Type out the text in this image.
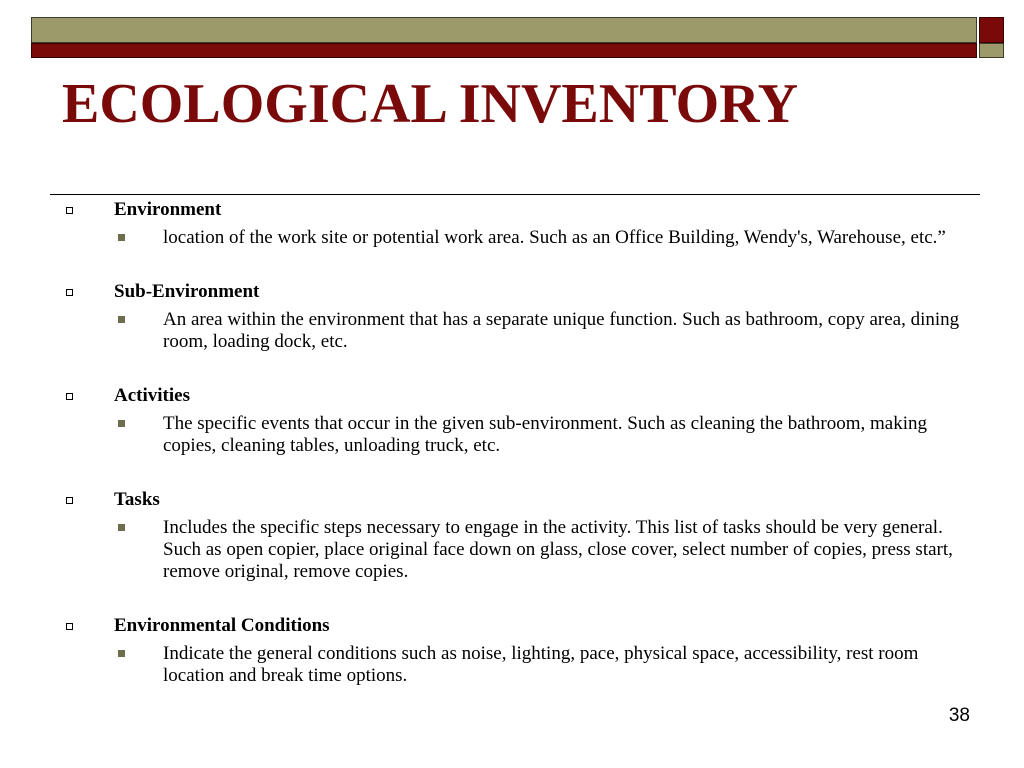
ECOLOGICAL INVENTORY
Environment
location of the work site or potential work area. Such as an Office Building, Wendy's, Warehouse, etc.”
Sub-Environment
An area within the environment that has a separate unique function. Such as bathroom, copy area, dining room, loading dock, etc.
Activities
The specific events that occur in the given sub-environment. Such as cleaning the bathroom, making copies, cleaning tables, unloading truck, etc.
Tasks
Includes the specific steps necessary to engage in the activity. This list of tasks should be very general. Such as open copier, place original face down on glass, close cover, select number of copies, press start, remove original, remove copies.
Environmental Conditions
Indicate the general conditions such as noise, lighting, pace, physical space, accessibility, rest room location and break time options.
38
